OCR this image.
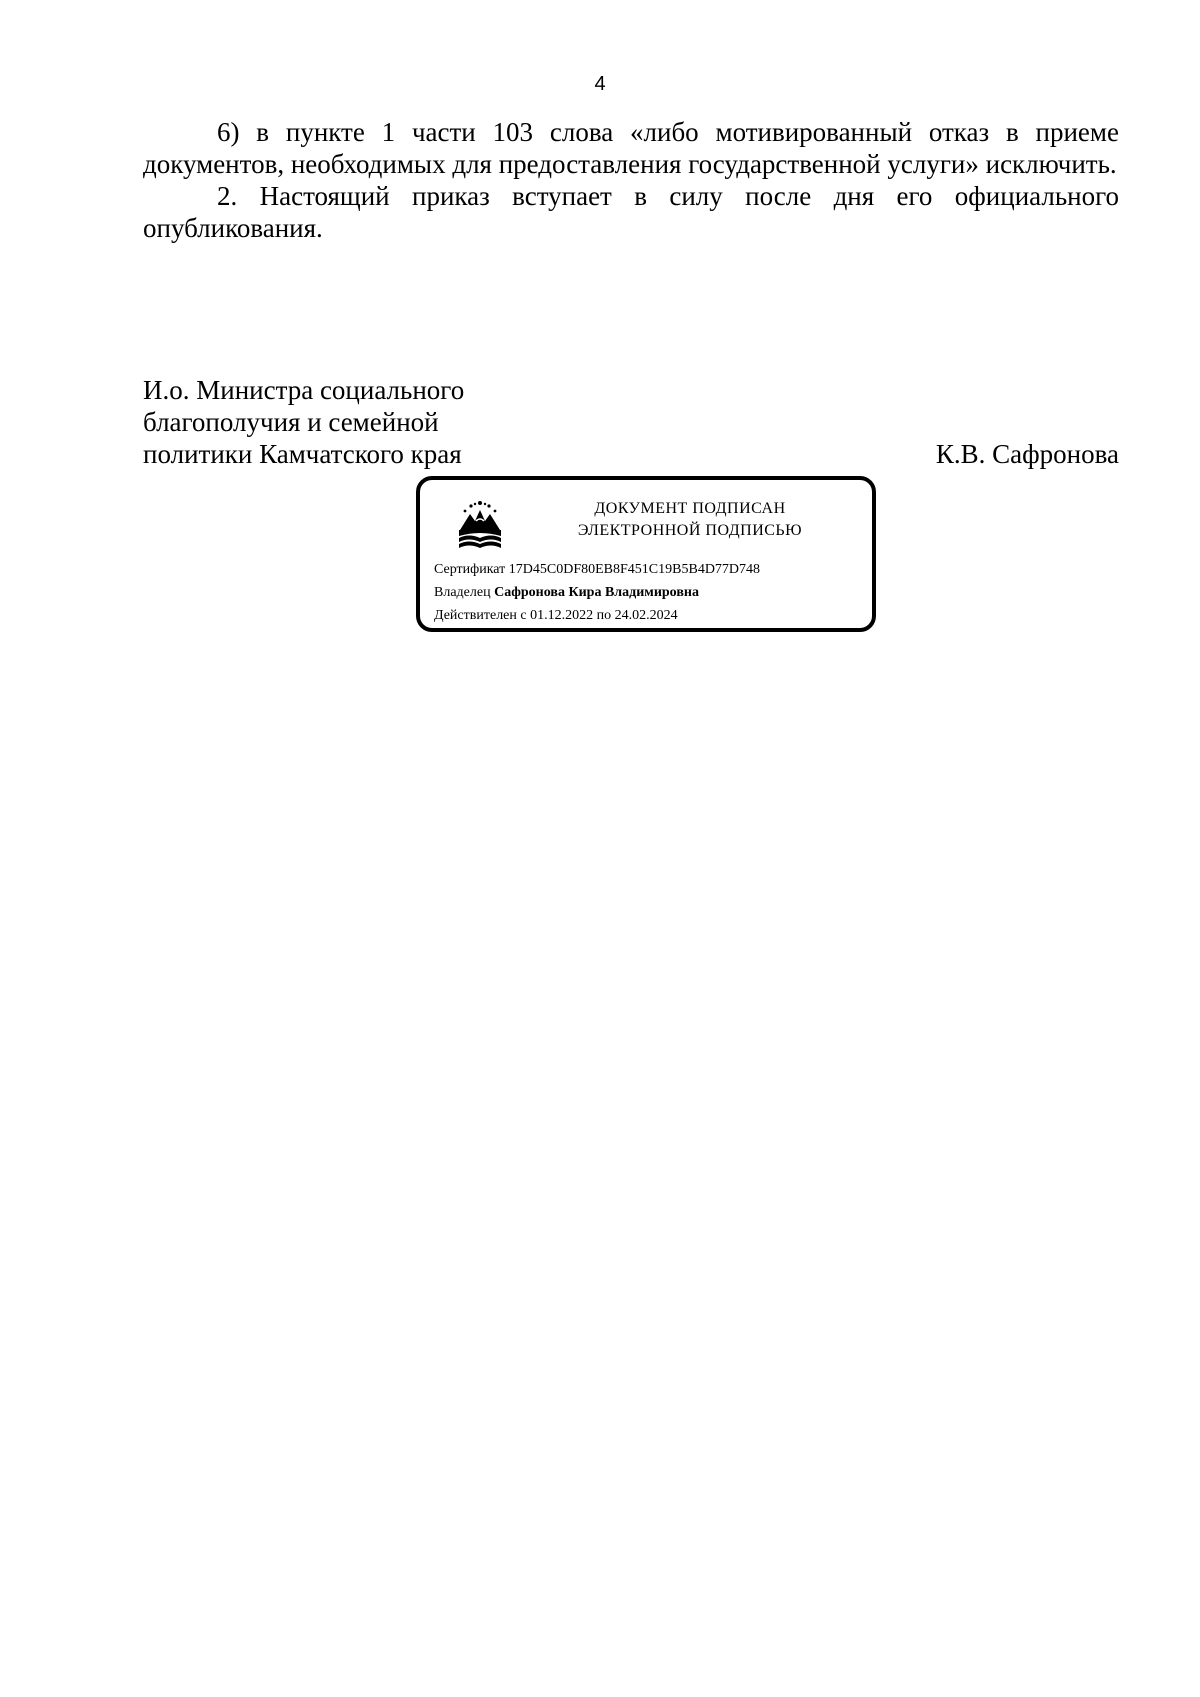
4

6) в пункте 1 части 103 слова «либо мотивированный отказ в приеме документов, необходимых для предоставления государственной услуги» исключить.

2. Настоящий приказ вступает в силу после дня его официального опубликования.

И.о. Министра социального
благополучия и семейной
политики Камчатского края	К.В. Сафронова
ДОКУМЕНТ ПОДПИСАН
ЭЛЕКТРОННОЙ ПОДПИСЬЮ
Сертификат 17D45C0DF80EB8F451C19B5B4D77D748
Владелец Сафронова Кира Владимировна
Действителен с 01.12.2022 по 24.02.2024
